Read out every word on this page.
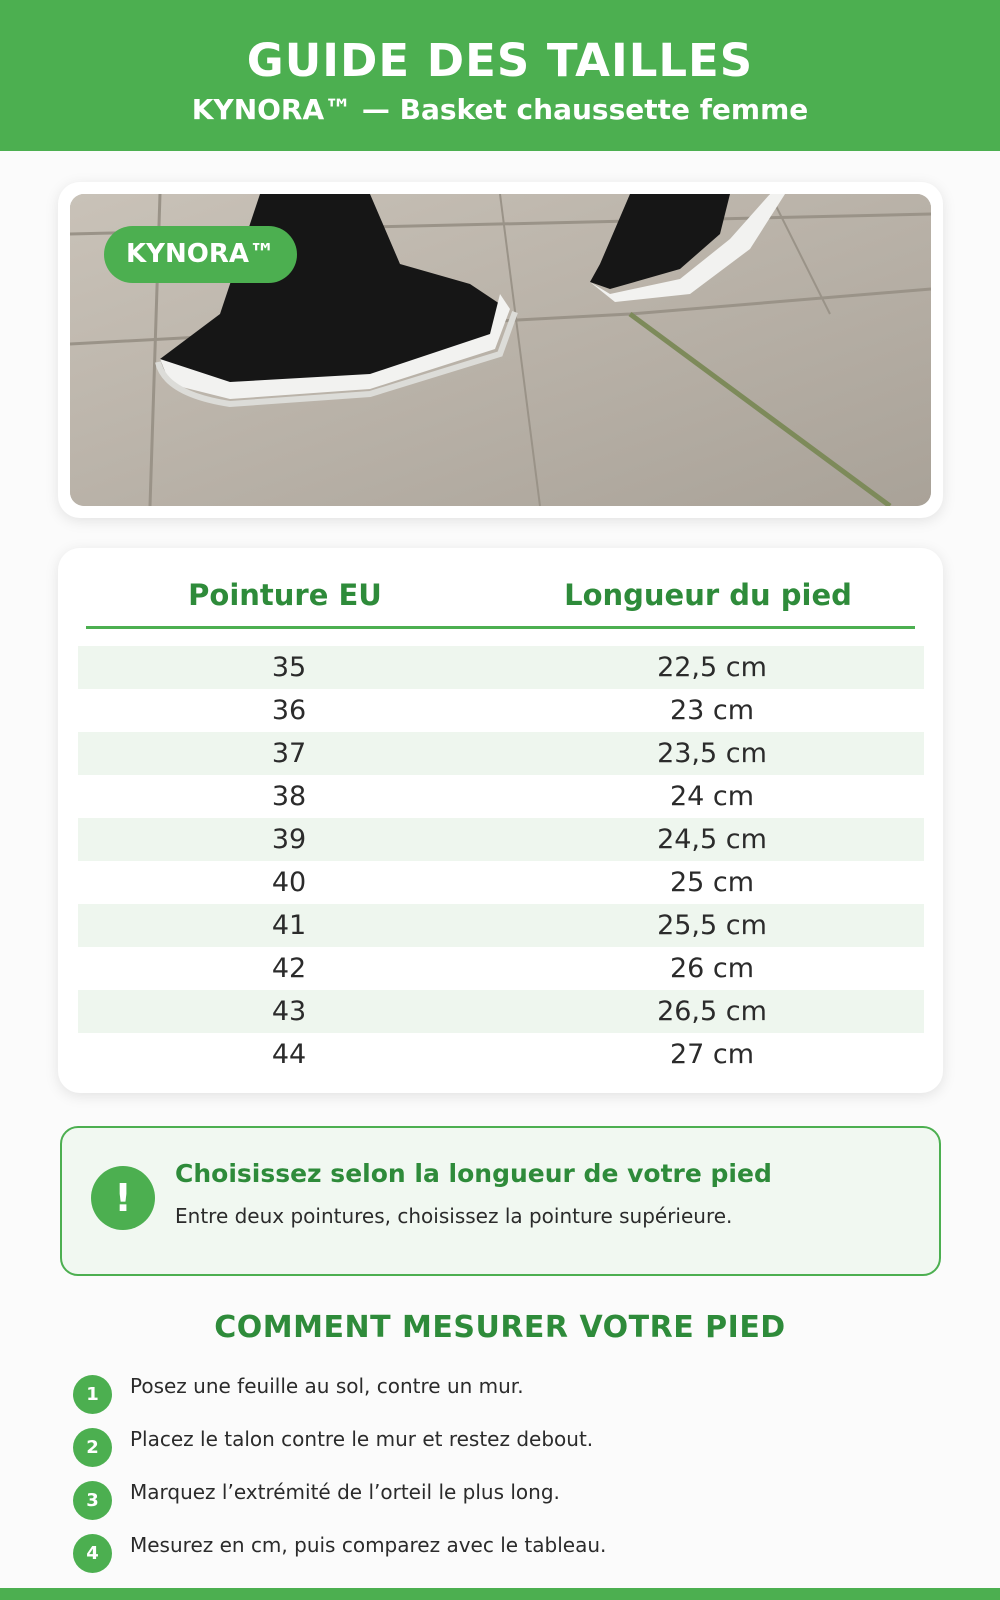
GUIDE DES TAILLES
KYNORA™ — Basket chaussette femme
KYNORA™
Pointure EU	Longueur du pied
35	22,5 cm
36	23 cm
37	23,5 cm
38	24 cm
39	24,5 cm
40	25 cm
41	25,5 cm
42	26 cm
43	26,5 cm
44	27 cm
!
Choisissez selon la longueur de votre pied
Entre deux pointures, choisissez la pointure supérieure.
COMMENT MESURER VOTRE PIED
1	Posez une feuille au sol, contre un mur.
2	Placez le talon contre le mur et restez debout.
3	Marquez l’extrémité de l’orteil le plus long.
4	Mesurez en cm, puis comparez avec le tableau.
